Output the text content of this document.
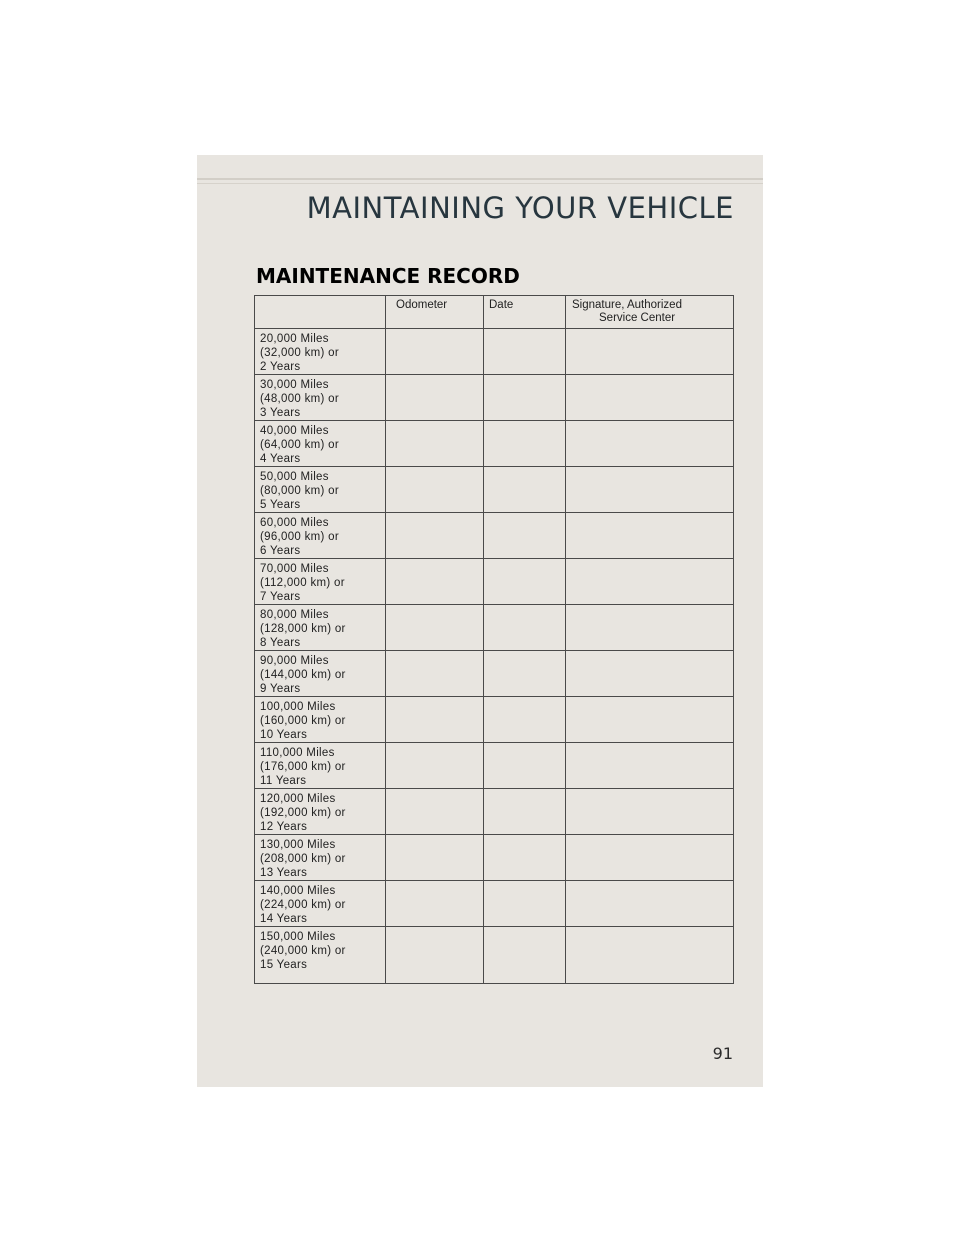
MAINTAINING YOUR VEHICLE
MAINTENANCE RECORD

	Odometer	Date	Signature, Authorized
Service Center

20,000 Miles
(32,000 km) or
2 Years			

30,000 Miles
(48,000 km) or
3 Years			

40,000 Miles
(64,000 km) or
4 Years			

50,000 Miles
(80,000 km) or
5 Years			

60,000 Miles
(96,000 km) or
6 Years			

70,000 Miles
(112,000 km) or
7 Years			

80,000 Miles
(128,000 km) or
8 Years			

90,000 Miles
(144,000 km) or
9 Years			

100,000 Miles
(160,000 km) or
10 Years			

110,000 Miles
(176,000 km) or
11 Years			

120,000 Miles
(192,000 km) or
12 Years			

130,000 Miles
(208,000 km) or
13 Years			

140,000 Miles
(224,000 km) or
14 Years			

150,000 Miles
(240,000 km) or
15 Years			

91
